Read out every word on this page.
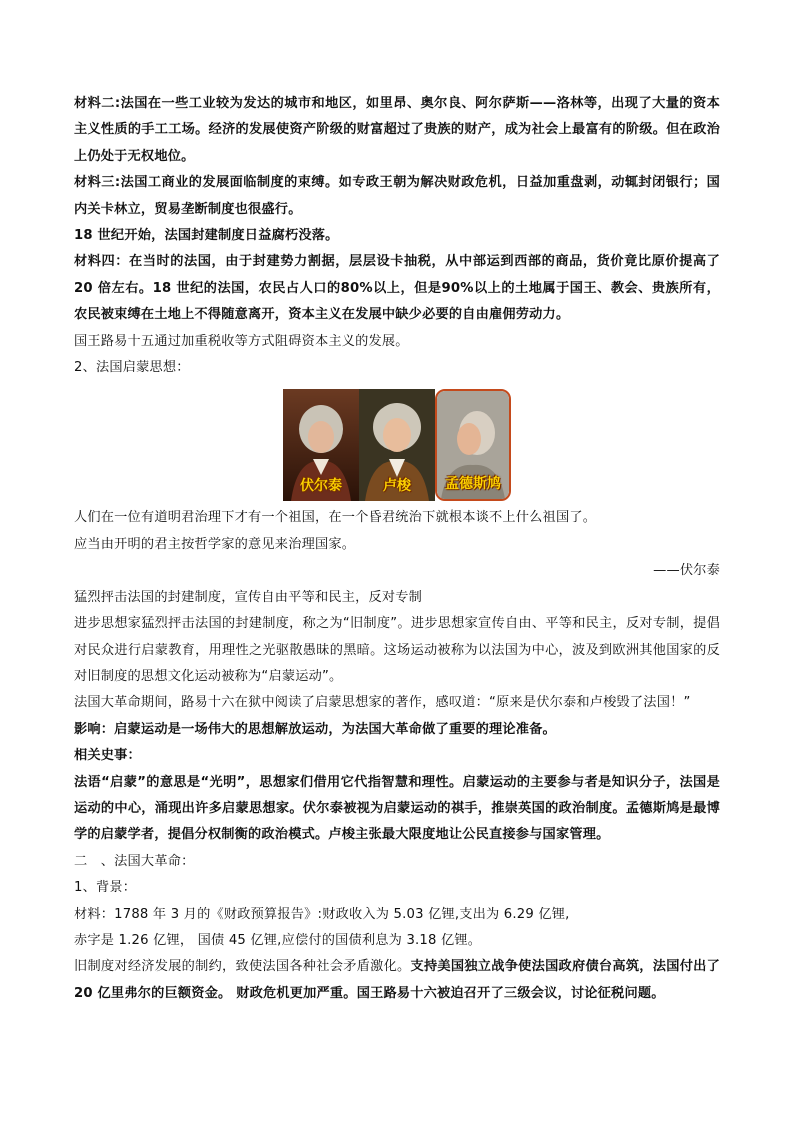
材料二:法国在一些工业较为发达的城市和地区，如里昂、奥尔良、阿尔萨斯——洛林等，出现了大量的资本主义性质的手工工场。经济的发展使资产阶级的财富超过了贵族的财产，成为社会上最富有的阶级。但在政治上仍处于无权地位。

材料三:法国工商业的发展面临制度的束缚。如专政王朝为解决财政危机，日益加重盘剥，动辄封闭银行；国内关卡林立，贸易垄断制度也很盛行。

18 世纪开始，法国封建制度日益腐朽没落。

材料四：在当时的法国，由于封建势力割据，层层设卡抽税，从中部运到西部的商品，货价竟比原价提高了 20 倍左右。18 世纪的法国，农民占人口的80%以上，但是90%以上的土地属于国王、教会、贵族所有，农民被束缚在土地上不得随意离开，资本主义在发展中缺少必要的自由雇佣劳动力。

国王路易十五通过加重税收等方式阻碍资本主义的发展。

2、法国启蒙思想：

伏尔泰	卢梭	孟德斯鸠

人们在一位有道明君治理下才有一个祖国，在一个昏君统治下就根本谈不上什么祖国了。

应当由开明的君主按哲学家的意见来治理国家。

——伏尔泰

猛烈抨击法国的封建制度，宣传自由平等和民主，反对专制

进步思想家猛烈抨击法国的封建制度，称之为“旧制度”。进步思想家宣传自由、平等和民主，反对专制，提倡对民众进行启蒙教育，用理性之光驱散愚昧的黑暗。这场运动被称为以法国为中心，波及到欧洲其他国家的反对旧制度的思想文化运动被称为“启蒙运动”。

法国大革命期间，路易十六在狱中阅读了启蒙思想家的著作，感叹道：“原来是伏尔泰和卢梭毁了法国！”

影响：启蒙运动是一场伟大的思想解放运动，为法国大革命做了重要的理论准备。

相关史事：

法语“启蒙”的意思是“光明”，思想家们借用它代指智慧和理性。启蒙运动的主要参与者是知识分子，法国是运动的中心，涌现出许多启蒙思想家。伏尔泰被视为启蒙运动的祺手，推崇英国的政治制度。孟德斯鸠是最博学的启蒙学者，提倡分权制衡的政治模式。卢梭主张最大限度地让公民直接参与国家管理。

二　、法国大革命：

1、背景：

材料：1788 年 3 月的《财政预算报告》:财政收入为 5.03 亿锂,支出为 6.29 亿锂,

赤字是 1.26 亿锂， 国债 45 亿锂,应偿付的国债利息为 3.18 亿锂。

旧制度对经济发展的制约，致使法国各种社会矛盾激化。支持美国独立战争使法国政府债台高筑，法国付出了 20 亿里弗尔的巨额资金。 财政危机更加严重。国王路易十六被迫召开了三级会议，讨论征税问题。
